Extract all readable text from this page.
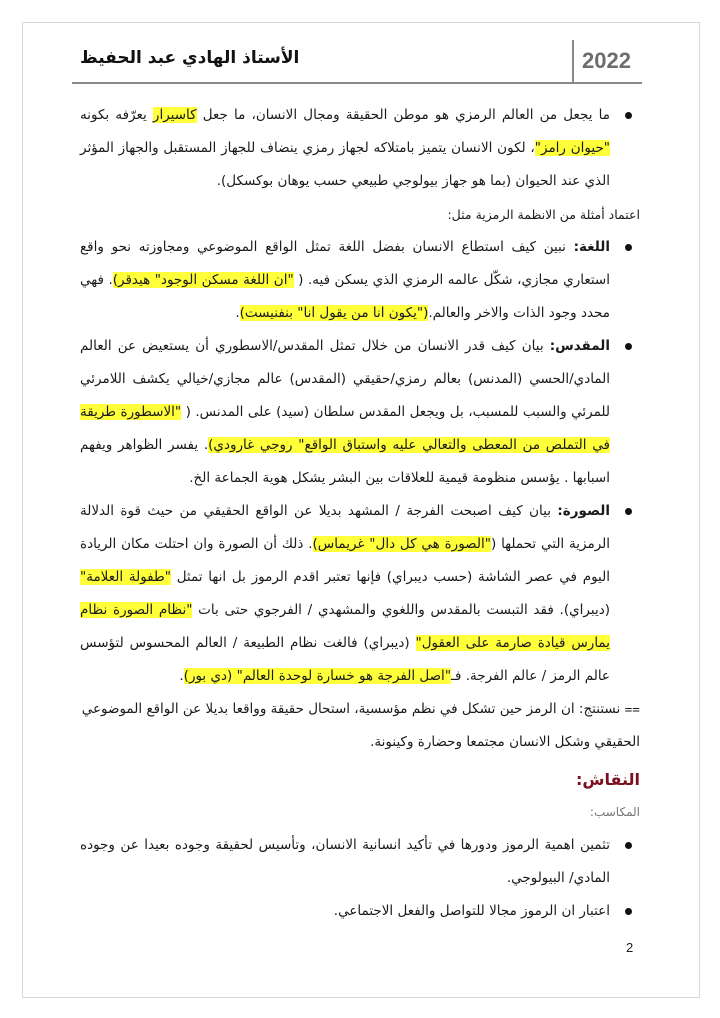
الأستاذ الهادي عبد الحفيظ	2022

ما يجعل من العالم الرمزي هو موطن الحقيقة ومجال الانسان، ما جعل كاسيرار يعرّفه بكونه "حيوان رامز"، لكون الانسان يتميز بامتلاكه لجهاز رمزي ينضاف للجهاز المستقبل والجهاز المؤثر الذي عند الحيوان (بما هو جهاز بيولوجي طبيعي حسب يوهان بوكسكل).

اعتماد أمثلة من الانظمة الرمزية مثل:

اللغة: نبين كيف استطاع الانسان بفضل اللغة تمثل الواقع الموضوعي ومجاوزته نحو واقع استعاري مجازي، شكّل عالمه الرمزي الذي يسكن فيه. ( "ان اللغة مسكن الوجود" هيدقر). فهي محدد وجود الذات والاخر والعالم.("يكون انا من يقول انا" بنفنيست).

المقدس: بيان كيف قدر الانسان من خلال تمثل المقدس/الاسطوري أن يستعيض عن العالم المادي/الحسي (المدنس) بعالم رمزي/حقيقي (المقدس) عالم مجازي/خيالي يكشف اللامرئي للمرئي والسبب للمسبب، بل ويجعل المقدس سلطان (سيد) على المدنس. ( "الاسطورة طريقة في التملص من المعطى والتعالي عليه واستباق الواقع" روجي غارودي). يفسر الظواهر ويفهم اسبابها . يؤسس منظومة قيمية للعلاقات بين البشر يشكل هوية الجماعة الخ.

الصورة: بيان كيف اصبحت الفرجة / المشهد بديلا عن الواقع الحقيقي من حيث قوة الدلالة الرمزية التي تحملها ("الصورة هي كل دال" غريماس). ذلك أن الصورة وان احتلت مكان الريادة اليوم في عصر الشاشة (حسب ديبراي) فإنها تعتبر اقدم الرموز بل انها تمثل "طفولة العلامة" (ديبراي). فقد التبست بالمقدس واللغوي والمشهدي / الفرجوي حتى بات "نظام الصورة نظام يمارس قيادة صارمة على العقول" (ديبراي) فالغت نظام الطبيعة / العالم المحسوس لتؤسس عالم الرمز / عالم الفرجة. فـ"اصل الفرجة هو خسارة لوحدة العالم" (دي بور).

⩵ نستنتج: ان الرمز حين تشكل في نظم مؤسسية، استحال حقيقة وواقعا بديلا عن الواقع الموضوعي الحقيقي وشكل الانسان مجتمعا وحضارة وكينونة.

النقاش:

المكاسب:

تثمين اهمية الرموز ودورها في تأكيد انسانية الانسان، وتأسيس لحقيقة وجوده بعيدا عن وجوده المادي/ البيولوجي.

اعتبار ان الرموز مجالا للتواصل والفعل الاجتماعي.

2
